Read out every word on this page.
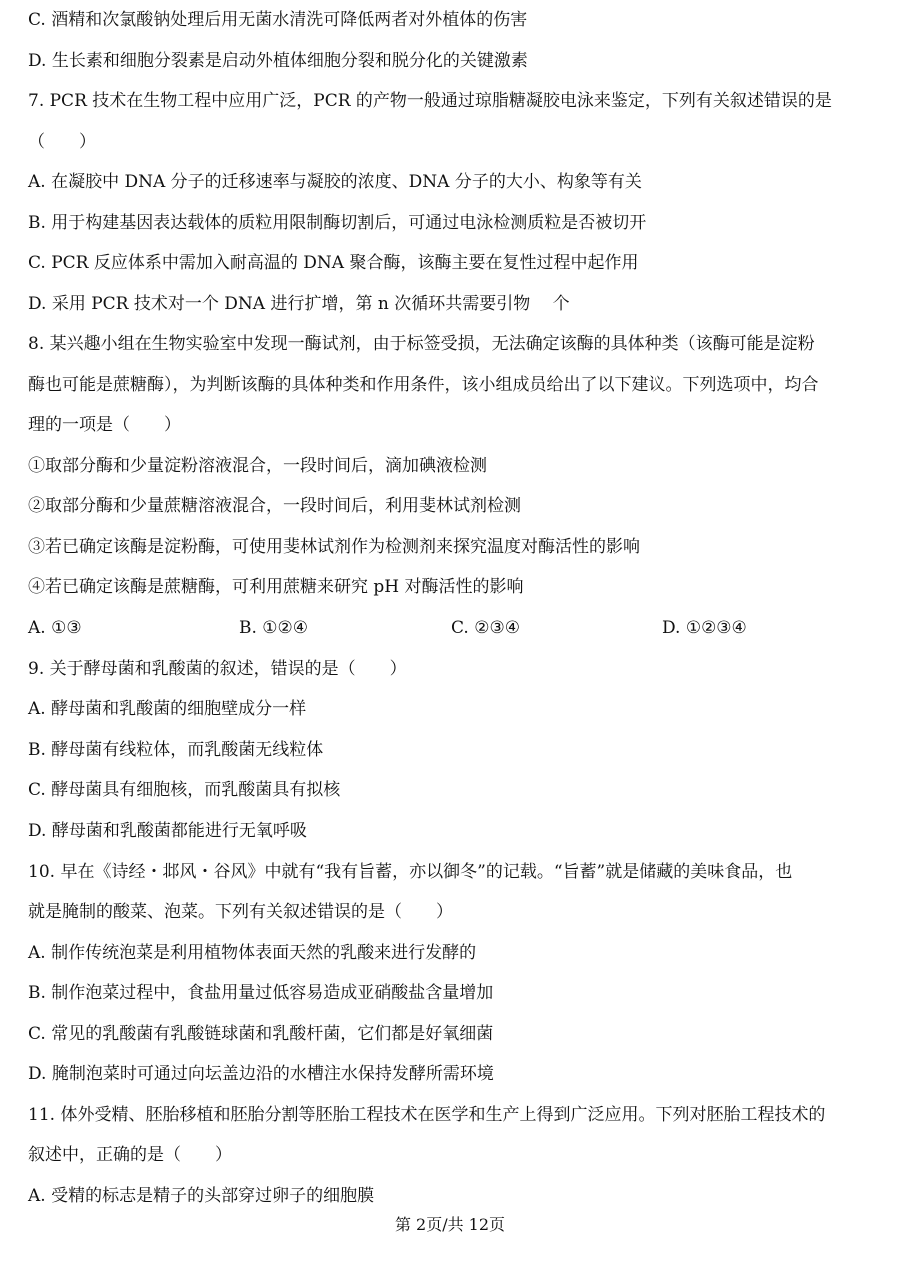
C. 酒精和次氯酸钠处理后用无菌水清洗可降低两者对外植体的伤害
D. 生长素和细胞分裂素是启动外植体细胞分裂和脱分化的关键激素
7. PCR 技术在生物工程中应用广泛，PCR 的产物一般通过琼脂糖凝胶电泳来鉴定，下列有关叙述错误的是
（　　）
A. 在凝胶中 DNA 分子的迁移速率与凝胶的浓度、DNA 分子的大小、构象等有关
B. 用于构建基因表达载体的质粒用限制酶切割后，可通过电泳检测质粒是否被切开
C. PCR 反应体系中需加入耐高温的 DNA 聚合酶，该酶主要在复性过程中起作用
D. 采用 PCR 技术对一个 DNA 进行扩增，第 n 次循环共需要引物　 个
8. 某兴趣小组在生物实验室中发现一酶试剂，由于标签受损，无法确定该酶的具体种类（该酶可能是淀粉
酶也可能是蔗糖酶），为判断该酶的具体种类和作用条件，该小组成员给出了以下建议。下列选项中，均合
理的一项是（　　）
①取部分酶和少量淀粉溶液混合，一段时间后，滴加碘液检测
②取部分酶和少量蔗糖溶液混合，一段时间后，利用斐林试剂检测
③若已确定该酶是淀粉酶，可使用斐林试剂作为检测剂来探究温度对酶活性的影响
④若已确定该酶是蔗糖酶，可利用蔗糖来研究 pH 对酶活性的影响
A. ①③	B. ①②④	C. ②③④	D. ①②③④
9. 关于酵母菌和乳酸菌的叙述，错误的是（　　）
A. 酵母菌和乳酸菌的细胞壁成分一样
B. 酵母菌有线粒体，而乳酸菌无线粒体
C. 酵母菌具有细胞核，而乳酸菌具有拟核
D. 酵母菌和乳酸菌都能进行无氧呼吸
10. 早在《诗经・邶风・谷风》中就有“我有旨蓄，亦以御冬”的记载。“旨蓄”就是储藏的美味食品，也
就是腌制的酸菜、泡菜。下列有关叙述错误的是（　　）
A. 制作传统泡菜是利用植物体表面天然的乳酸来进行发酵的
B. 制作泡菜过程中，食盐用量过低容易造成亚硝酸盐含量增加
C. 常见的乳酸菌有乳酸链球菌和乳酸杆菌，它们都是好氧细菌
D. 腌制泡菜时可通过向坛盖边沿的水槽注水保持发酵所需环境
11. 体外受精、胚胎移植和胚胎分割等胚胎工程技术在医学和生产上得到广泛应用。下列对胚胎工程技术的
叙述中，正确的是（　　）
A. 受精的标志是精子的头部穿过卵子的细胞膜
第 2页/共 12页
